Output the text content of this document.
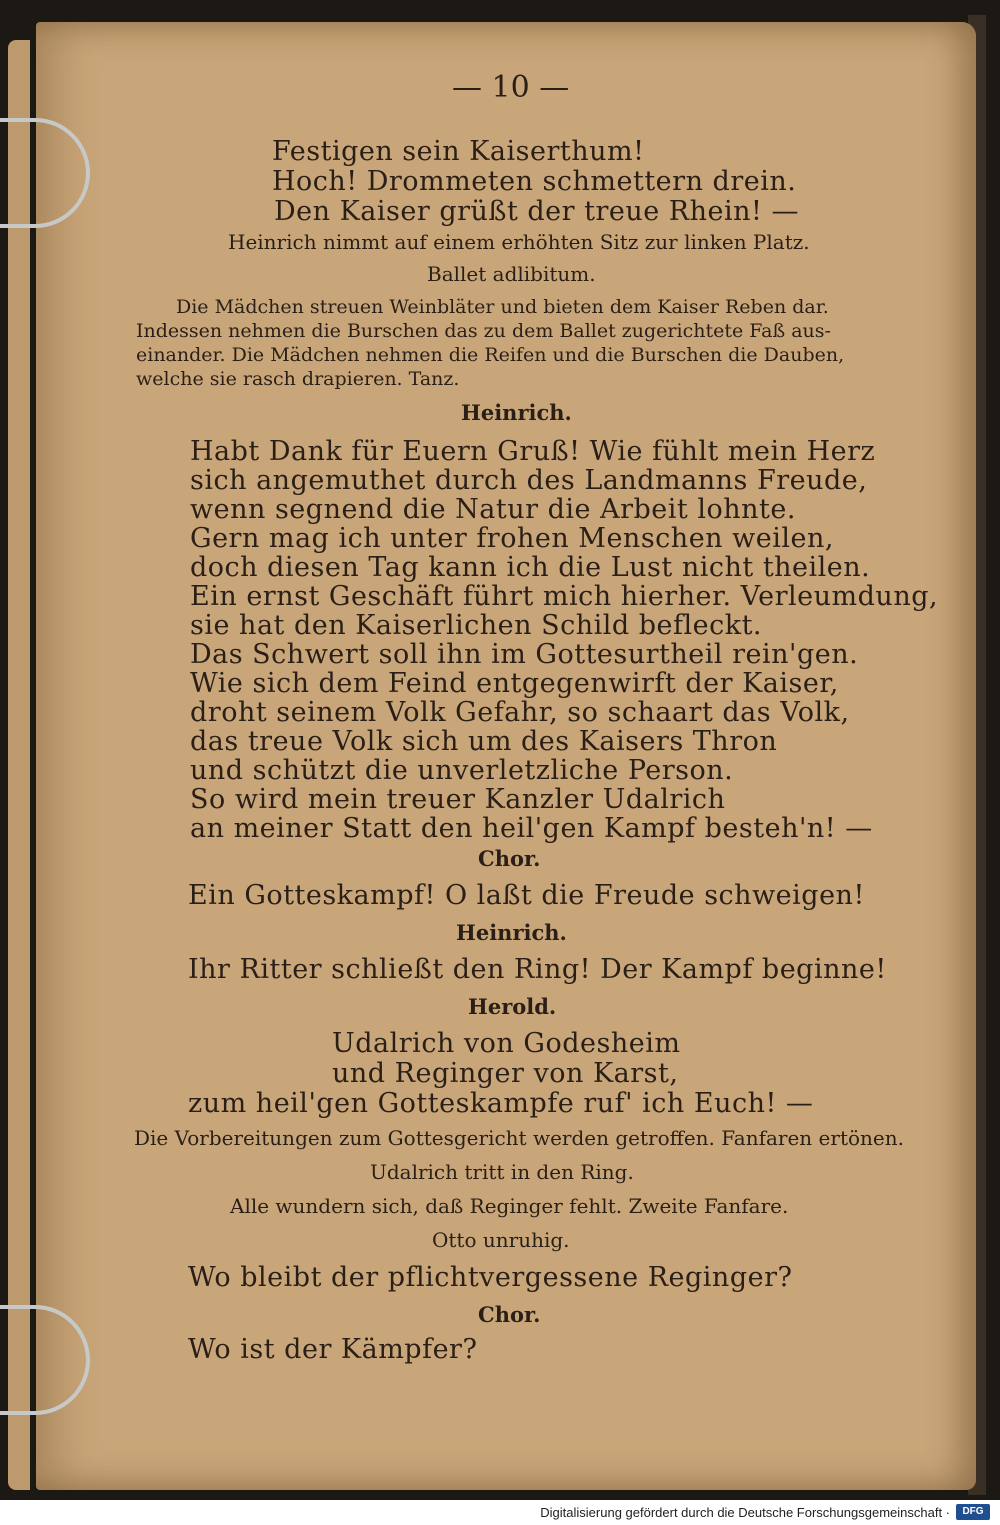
— 10 —
Festigen sein Kaiserthum!
Hoch! Drommeten schmettern drein.
Den Kaiser grüßt der treue Rhein! —
Heinrich nimmt auf einem erhöhten Sitz zur linken Platz.
Ballet adlibitum.
Die Mädchen streuen Weinbläter und bieten dem Kaiser Reben dar.
Indessen nehmen die Burschen das zu dem Ballet zugerichtete Faß aus-
einander. Die Mädchen nehmen die Reifen und die Burschen die Dauben,
welche sie rasch drapieren. Tanz.
Heinrich.
Habt Dank für Euern Gruß! Wie fühlt mein Herz
sich angemuthet durch des Landmanns Freude,
wenn segnend die Natur die Arbeit lohnte.
Gern mag ich unter frohen Menschen weilen,
doch diesen Tag kann ich die Lust nicht theilen.
Ein ernst Geschäft führt mich hierher. Verleumdung,
sie hat den Kaiserlichen Schild befleckt.
Das Schwert soll ihn im Gottesurtheil rein'gen.
Wie sich dem Feind entgegenwirft der Kaiser,
droht seinem Volk Gefahr, so schaart das Volk,
das treue Volk sich um des Kaisers Thron
und schützt die unverletzliche Person.
So wird mein treuer Kanzler Udalrich
an meiner Statt den heil'gen Kampf besteh'n! —
Chor.
Ein Gotteskampf! O laßt die Freude schweigen!
Heinrich.
Ihr Ritter schließt den Ring! Der Kampf beginne!
Herold.
Udalrich von Godesheim
und Reginger von Karst,
zum heil'gen Gotteskampfe ruf' ich Euch! —
Die Vorbereitungen zum Gottesgericht werden getroffen. Fanfaren ertönen.
Udalrich tritt in den Ring.
Alle wundern sich, daß Reginger fehlt. Zweite Fanfare.
Otto unruhig.
Wo bleibt der pflichtvergessene Reginger?
Chor.
Wo ist der Kämpfer?
Digitalisierung gefördert durch die Deutsche Forschungsgemeinschaft ·	DFG
